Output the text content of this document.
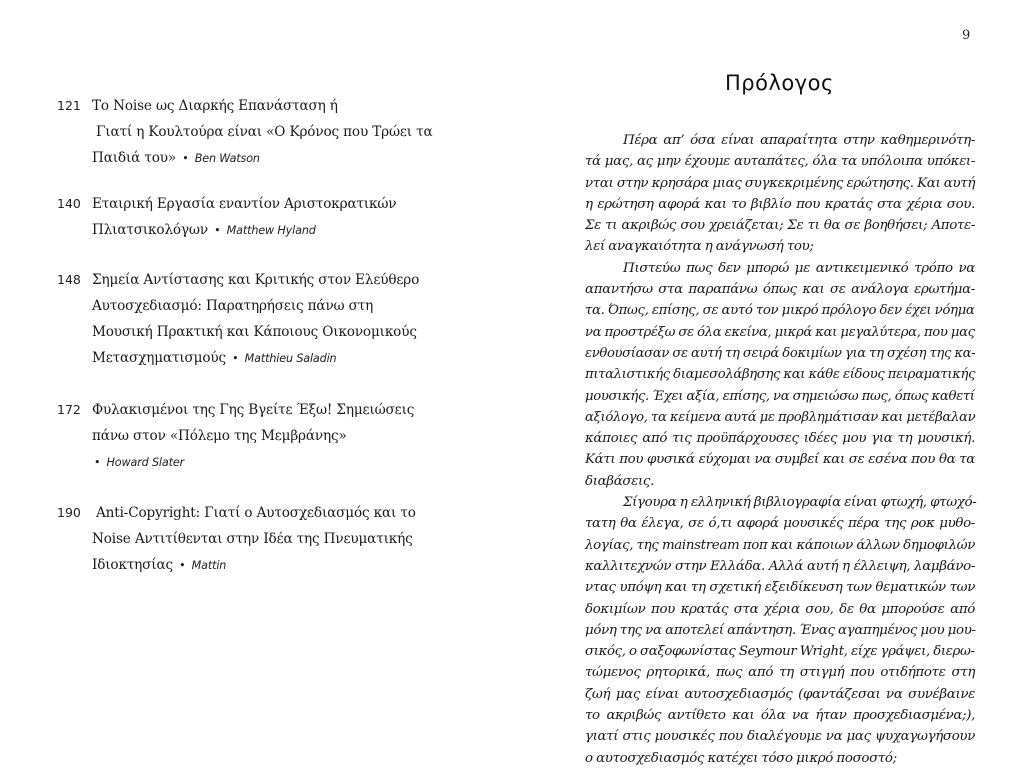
121 Το Noise ως Διαρκής Επανάσταση ή
Γιατί η Κουλτούρα είναι «Ο Κρόνος που Τρώει τα
Παιδιά του» • Ben Watson
140 Εταιρική Εργασία εναντίον Αριστοκρατικών
Πλιατσικολόγων • Matthew Hyland
148 Σημεία Αντίστασης και Κριτικής στον Ελεύθερο
Αυτοσχεδιασμό: Παρατηρήσεις πάνω στη
Μουσική Πρακτική και Κάποιους Οικονομικούς
Μετασχηματισμούς • Matthieu Saladin
172 Φυλακισμένοι της Γης Βγείτε Έξω! Σημειώσεις
πάνω στον «Πόλεμο της Μεμβράνης»
• Howard Slater
190 Anti-Copyright: Γιατί ο Αυτοσχεδιασμός και το
Noise Αντιτίθενται στην Ιδέα της Πνευματικής
Ιδιοκτησίας • Mattin
9
Πρόλογος
Πέρα απ’ όσα είναι απαραίτητα στην καθημερινότη-
τά μας, ας μην έχουμε αυταπάτες, όλα τα υπόλοιπα υπόκει-
νται στην κρησάρα μιας συγκεκριμένης ερώτησης. Και αυτή
η ερώτηση αφορά και το βιβλίο που κρατάς στα χέρια σου.
Σε τι ακριβώς σου χρειάζεται; Σε τι θα σε βοηθήσει; Αποτε-
λεί αναγκαιότητα η ανάγνωσή του;
Πιστεύω πως δεν μπορώ με αντικειμενικό τρόπο να
απαντήσω στα παραπάνω όπως και σε ανάλογα ερωτήμα-
τα. Όπως, επίσης, σε αυτό τον μικρό πρόλογο δεν έχει νόημα
να προστρέξω σε όλα εκείνα, μικρά και μεγαλύτερα, που μας
ενθουσίασαν σε αυτή τη σειρά δοκιμίων για τη σχέση της κα-
πιταλιστικής διαμεσολάβησης και κάθε είδους πειραματικής
μουσικής. Έχει αξία, επίσης, να σημειώσω πως, όπως καθετί
αξιόλογο, τα κείμενα αυτά με προβλημάτισαν και μετέβαλαν
κάποιες από τις προϋπάρχουσες ιδέες μου για τη μουσική.
Κάτι που φυσικά εύχομαι να συμβεί και σε εσένα που θα τα
διαβάσεις.
Σίγουρα η ελληνική βιβλιογραφία είναι φτωχή, φτωχό-
τατη θα έλεγα, σε ό,τι αφορά μουσικές πέρα της ροκ μυθο-
λογίας, της mainstream ποπ και κάποιων άλλων δημοφιλών
καλλιτεχνών στην Ελλάδα. Αλλά αυτή η έλλειψη, λαμβάνο-
ντας υπόψη και τη σχετική εξειδίκευση των θεματικών των
δοκιμίων που κρατάς στα χέρια σου, δε θα μπορούσε από
μόνη της να αποτελεί απάντηση. Ένας αγαπημένος μου μου-
σικός, ο σαξοφωνίστας Seymour Wright, είχε γράψει, διερω-
τώμενος ρητορικά, πως από τη στιγμή που οτιδήποτε στη
ζωή μας είναι αυτοσχεδιασμός (φαντάζεσαι να συνέβαινε
το ακριβώς αντίθετο και όλα να ήταν προσχεδιασμένα;),
γιατί στις μουσικές που διαλέγουμε να μας ψυχαγωγήσουν
ο αυτοσχεδιασμός κατέχει τόσο μικρό ποσοστό;
